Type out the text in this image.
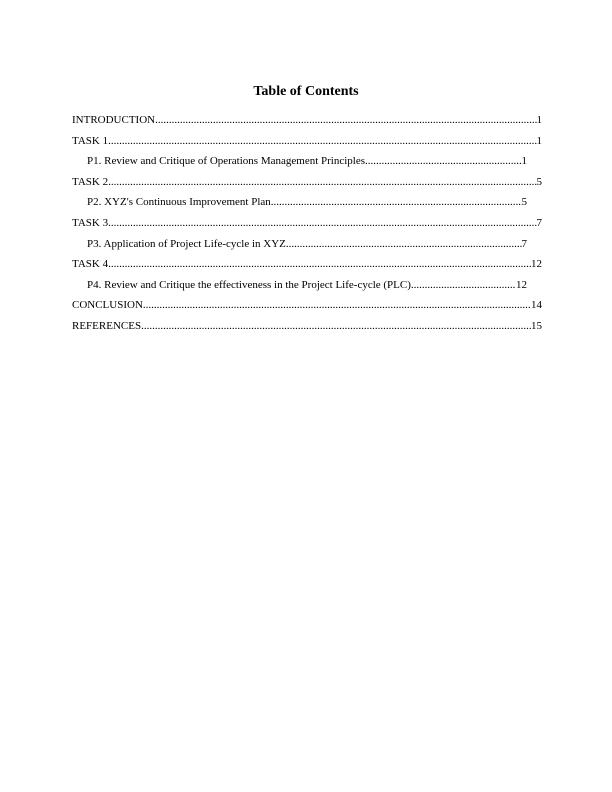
Table of Contents
INTRODUCTION .....	1
TASK 1 .....	1
P1. Review and Critique of Operations Management Principles .....	1
TASK 2 .....	5
P2. XYZ's Continuous Improvement Plan .....	5
TASK 3 .....	7
P3. Application of Project Life-cycle in XYZ .....	7
TASK 4 .....	12
P4. Review and Critique the effectiveness in the Project Life-cycle (PLC) .....	12
CONCLUSION .....	14
REFERENCES .....	15
